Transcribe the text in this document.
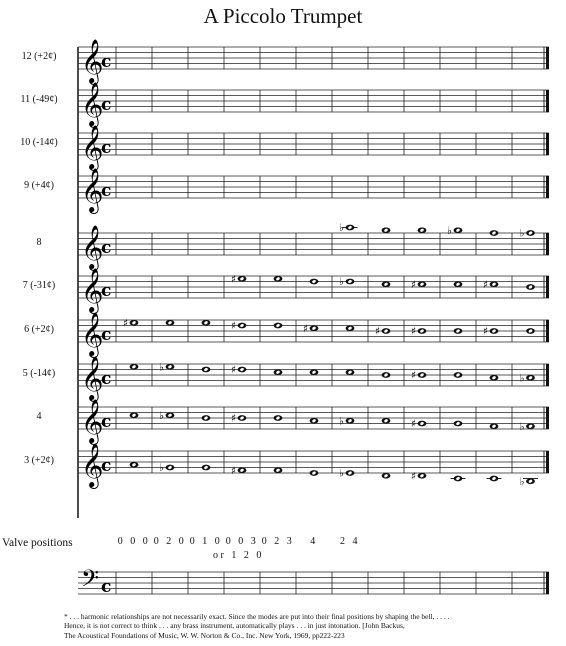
A Piccolo Trumpet
𝄞
c
𝄞
c
𝄞
c
𝄞
c
𝄞
c
♭	♭	♭
𝄞
c
♯	♭	♯	♯
𝄞
c
♯	♯	♯	♯	♯	♯
𝄞
c
♭	♯	♯	♭
𝄞
c	♭	♯	♭	♯	♭
𝄞
c	♭	♯	♭	♯	♭
𝄢 c
12 (+2¢)
11 (-49¢)
10 (-14¢)
9 (+4¢)
8
7 (-31¢)
6 (+2¢)
5 (-14¢)
4
3 (+2¢)
Valve positions	0 0 0 0 2 0 0 1 0 0 0 3 0 2 3	4	2 4
or 1 2 0
* . . . harmonic relationships are not necessarily exact. Since the modes are put into their final positions by shaping the bell, . . . .
Hence, it is not correct to think . . . any brass instrument, automatically plays . . . in just intonation. [John Backus,
The Acoustical Foundations of Music, W. W. Norton & Co., Inc. New York, 1969, pp222-223
